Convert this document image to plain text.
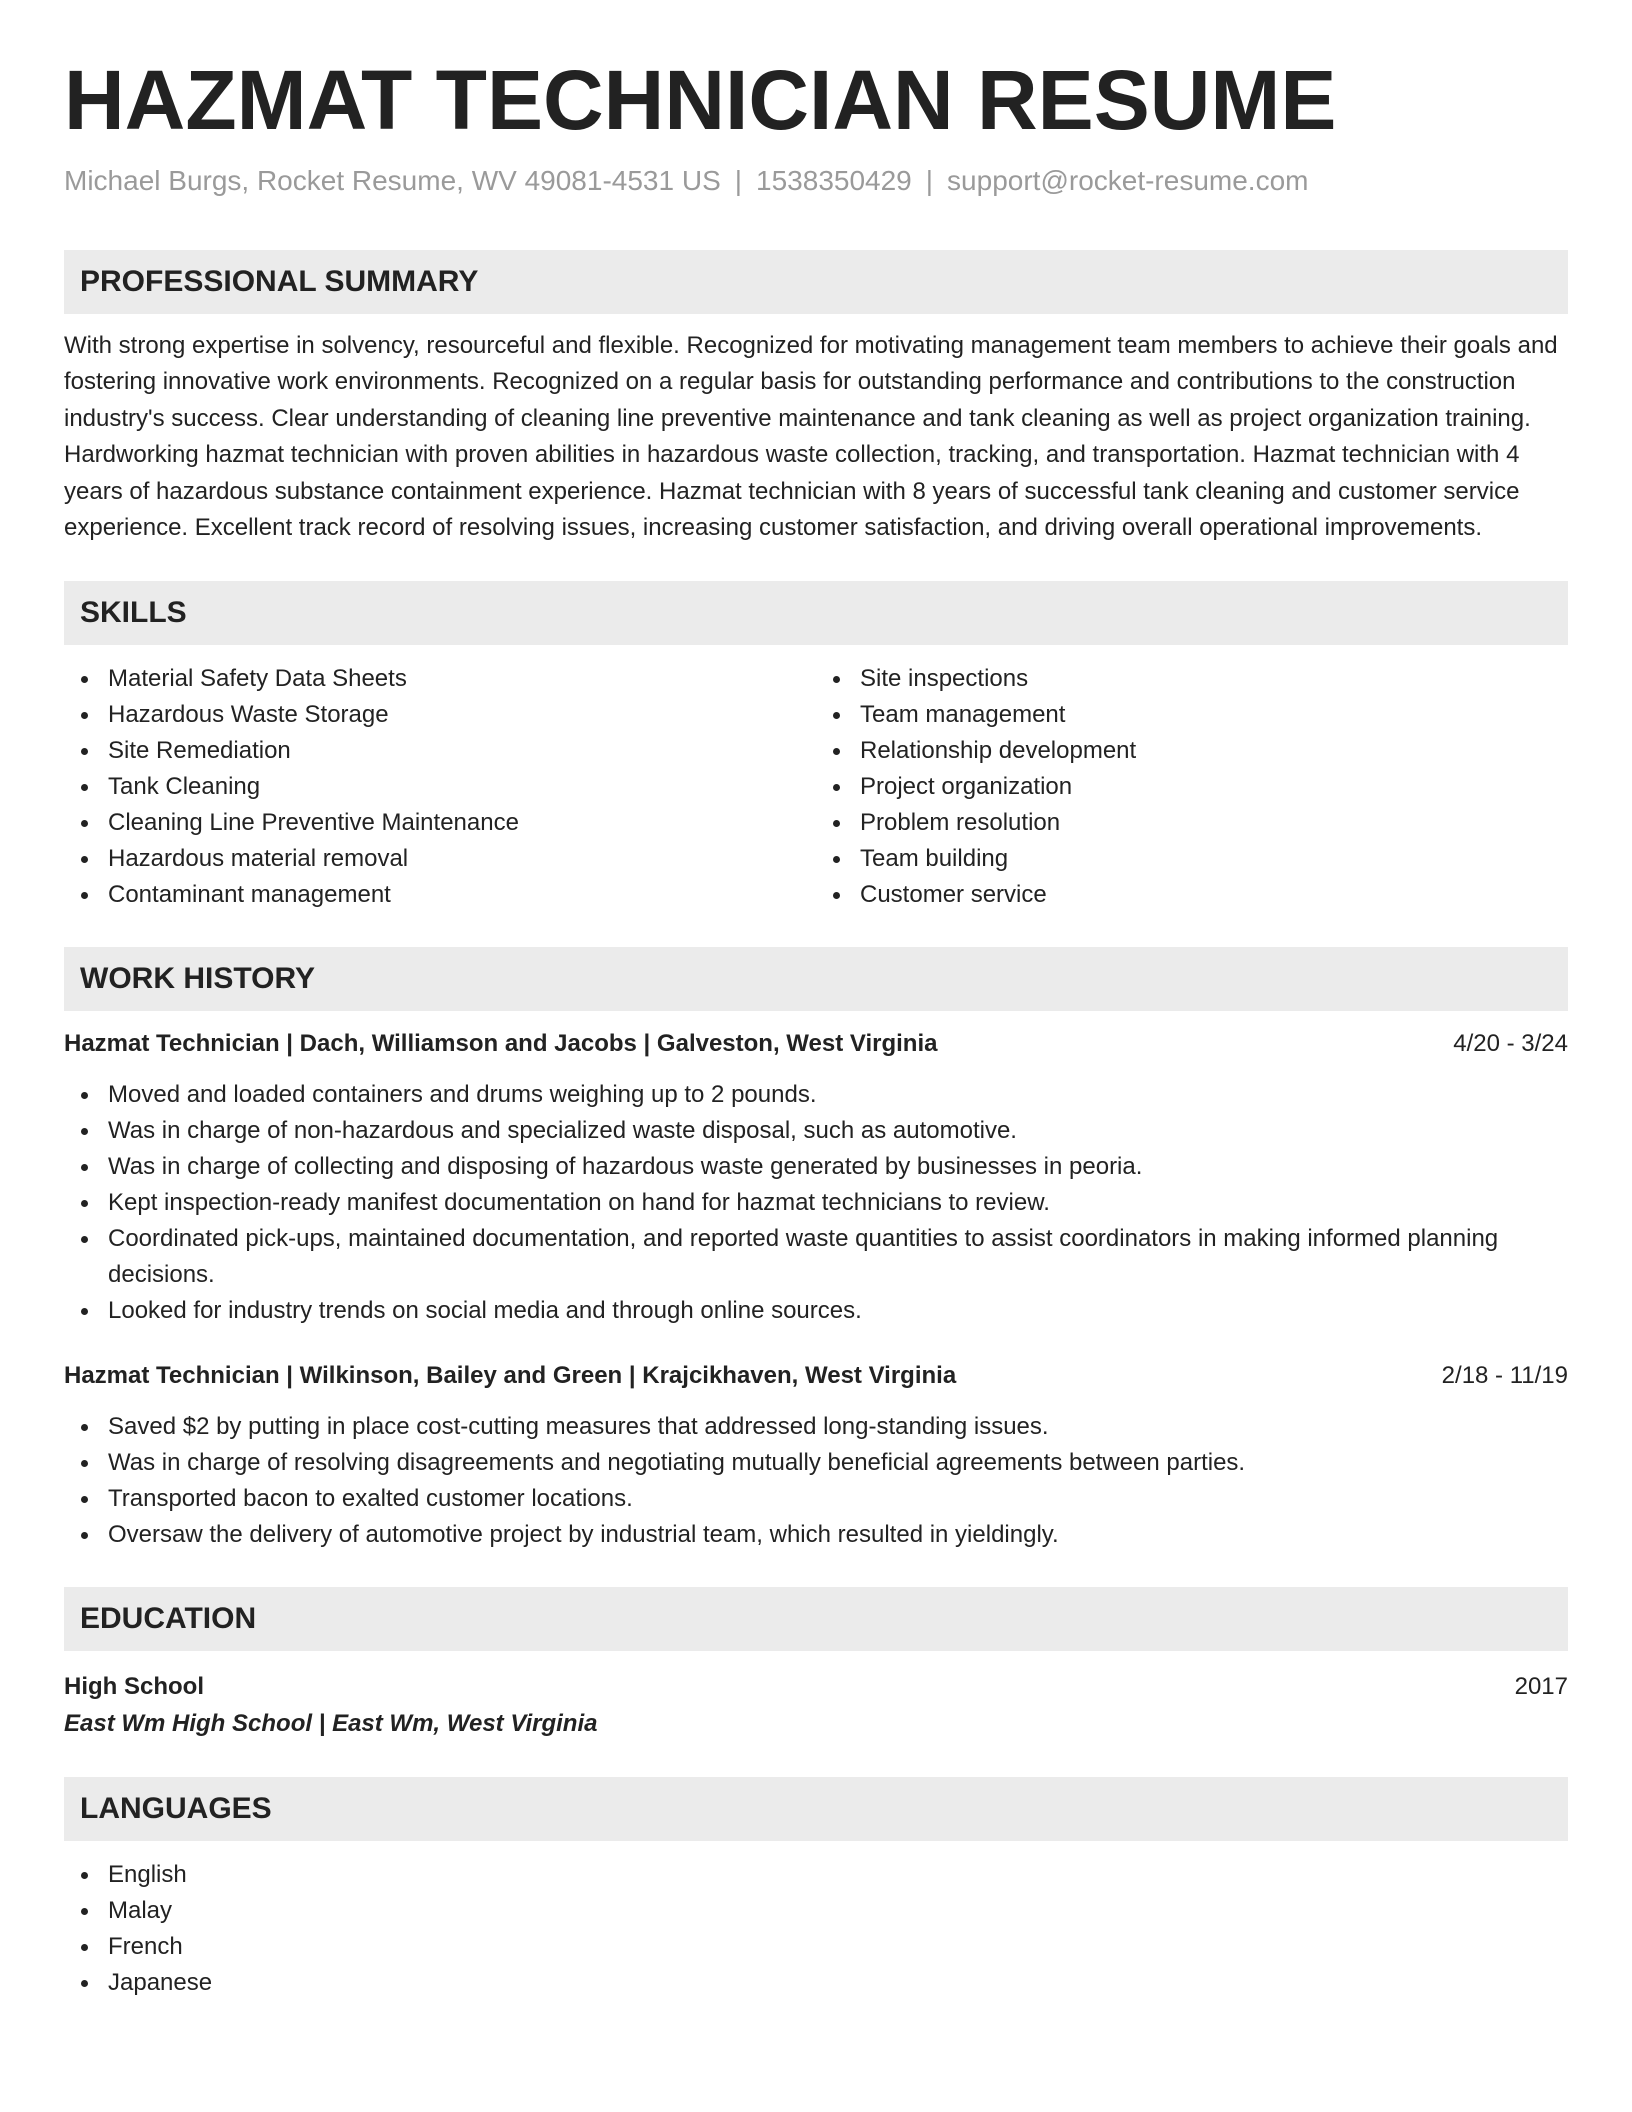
HAZMAT TECHNICIAN RESUME
Michael Burgs, Rocket Resume, WV 49081-4531 US | 1538350429 | support@rocket-resume.com
PROFESSIONAL SUMMARY
With strong expertise in solvency, resourceful and flexible. Recognized for motivating management team members to achieve their goals and fostering innovative work environments. Recognized on a regular basis for outstanding performance and contributions to the construction industry's success. Clear understanding of cleaning line preventive maintenance and tank cleaning as well as project organization training. Hardworking hazmat technician with proven abilities in hazardous waste collection, tracking, and transportation. Hazmat technician with 4 years of hazardous substance containment experience. Hazmat technician with 8 years of successful tank cleaning and customer service experience. Excellent track record of resolving issues, increasing customer satisfaction, and driving overall operational improvements.
SKILLS
Material Safety Data Sheets
Hazardous Waste Storage
Site Remediation
Tank Cleaning
Cleaning Line Preventive Maintenance
Hazardous material removal
Contaminant management
Site inspections
Team management
Relationship development
Project organization
Problem resolution
Team building
Customer service
WORK HISTORY
Hazmat Technician | Dach, Williamson and Jacobs | Galveston, West Virginia	4/20 - 3/24
Moved and loaded containers and drums weighing up to 2 pounds.
Was in charge of non-hazardous and specialized waste disposal, such as automotive.
Was in charge of collecting and disposing of hazardous waste generated by businesses in peoria.
Kept inspection-ready manifest documentation on hand for hazmat technicians to review.
Coordinated pick-ups, maintained documentation, and reported waste quantities to assist coordinators in making informed planning decisions.
Looked for industry trends on social media and through online sources.
Hazmat Technician | Wilkinson, Bailey and Green | Krajcikhaven, West Virginia	2/18 - 11/19
Saved $2 by putting in place cost-cutting measures that addressed long-standing issues.
Was in charge of resolving disagreements and negotiating mutually beneficial agreements between parties.
Transported bacon to exalted customer locations.
Oversaw the delivery of automotive project by industrial team, which resulted in yieldingly.
EDUCATION
High School	2017
East Wm High School | East Wm, West Virginia
LANGUAGES
English
Malay
French
Japanese
